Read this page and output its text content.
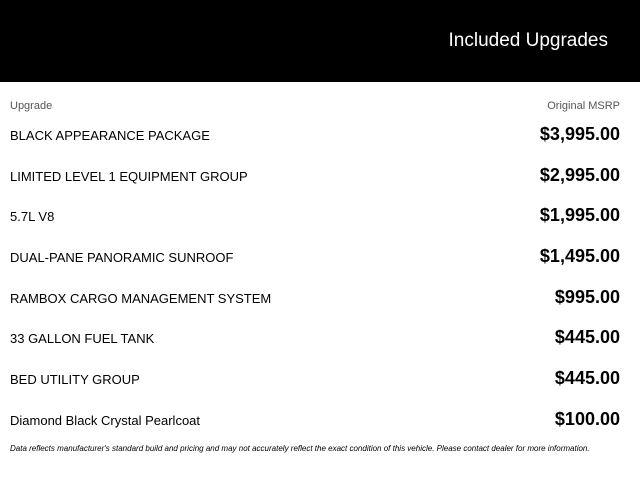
Included Upgrades
Upgrade	Original MSRP
BLACK APPEARANCE PACKAGE	$3,995.00
LIMITED LEVEL 1 EQUIPMENT GROUP	$2,995.00
5.7L V8	$1,995.00
DUAL-PANE PANORAMIC SUNROOF	$1,495.00
RAMBOX CARGO MANAGEMENT SYSTEM	$995.00
33 GALLON FUEL TANK	$445.00
BED UTILITY GROUP	$445.00
Diamond Black Crystal Pearlcoat	$100.00
Data reflects manufacturer's standard build and pricing and may not accurately reflect the exact condition of this vehicle. Please contact dealer for more information.
